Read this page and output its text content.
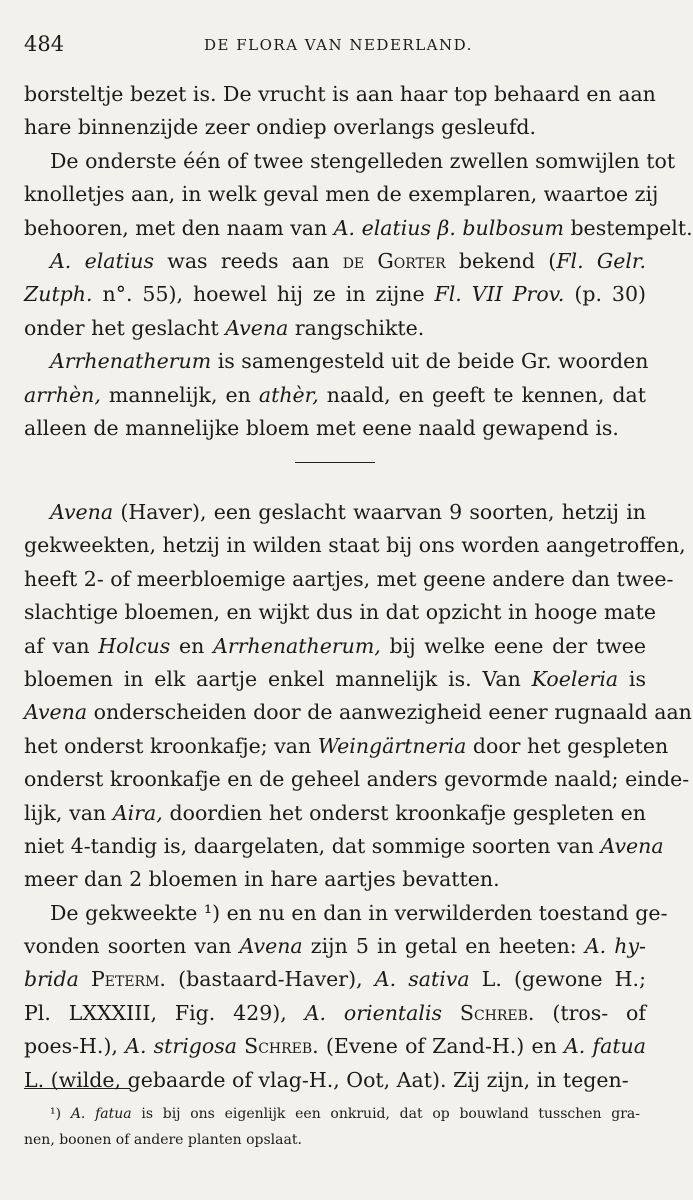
484	DE FLORA VAN NEDERLAND.
borsteltje bezet is. De vrucht is aan haar top behaard en aan
hare binnenzijde zeer ondiep overlangs gesleufd.
De onderste één of twee stengelleden zwellen somwijlen tot
knolletjes aan, in welk geval men de exemplaren, waartoe zij
behooren, met den naam van A. elatius β. bulbosum bestempelt.
A. elatius was reeds aan de Gorter bekend (Fl. Gelr.
Zutph. n°. 55), hoewel hij ze in zijne Fl. VII Prov. (p. 30)
onder het geslacht Avena rangschikte.
Arrhenatherum is samengesteld uit de beide Gr. woorden
arrhèn, mannelijk, en athèr, naald, en geeft te kennen, dat
alleen de mannelijke bloem met eene naald gewapend is.
Avena (Haver), een geslacht waarvan 9 soorten, hetzij in
gekweekten, hetzij in wilden staat bij ons worden aangetroffen,
heeft 2- of meerbloemige aartjes, met geene andere dan twee-
slachtige bloemen, en wijkt dus in dat opzicht in hooge mate
af van Holcus en Arrhenatherum, bij welke eene der twee
bloemen in elk aartje enkel mannelijk is. Van Koeleria is
Avena onderscheiden door de aanwezigheid eener rugnaald aan
het onderst kroonkafje; van Weingärtneria door het gespleten
onderst kroonkafje en de geheel anders gevormde naald; einde-
lijk, van Aira, doordien het onderst kroonkafje gespleten en
niet 4-tandig is, daargelaten, dat sommige soorten van Avena
meer dan 2 bloemen in hare aartjes bevatten.
De gekweekte ¹) en nu en dan in verwilderden toestand ge-
vonden soorten van Avena zijn 5 in getal en heeten: A. hy-
brida Peterm. (bastaard-Haver), A. sativa L. (gewone H.;
Pl. LXXXIII, Fig. 429), A. orientalis Schreb. (tros- of
poes-H.), A. strigosa Schreb. (Evene of Zand-H.) en A. fatua
L. (wilde, gebaarde of vlag-H., Oot, Aat). Zij zijn, in tegen-
¹) A. fatua is bij ons eigenlijk een onkruid, dat op bouwland tusschen gra-
nen, boonen of andere planten opslaat.
